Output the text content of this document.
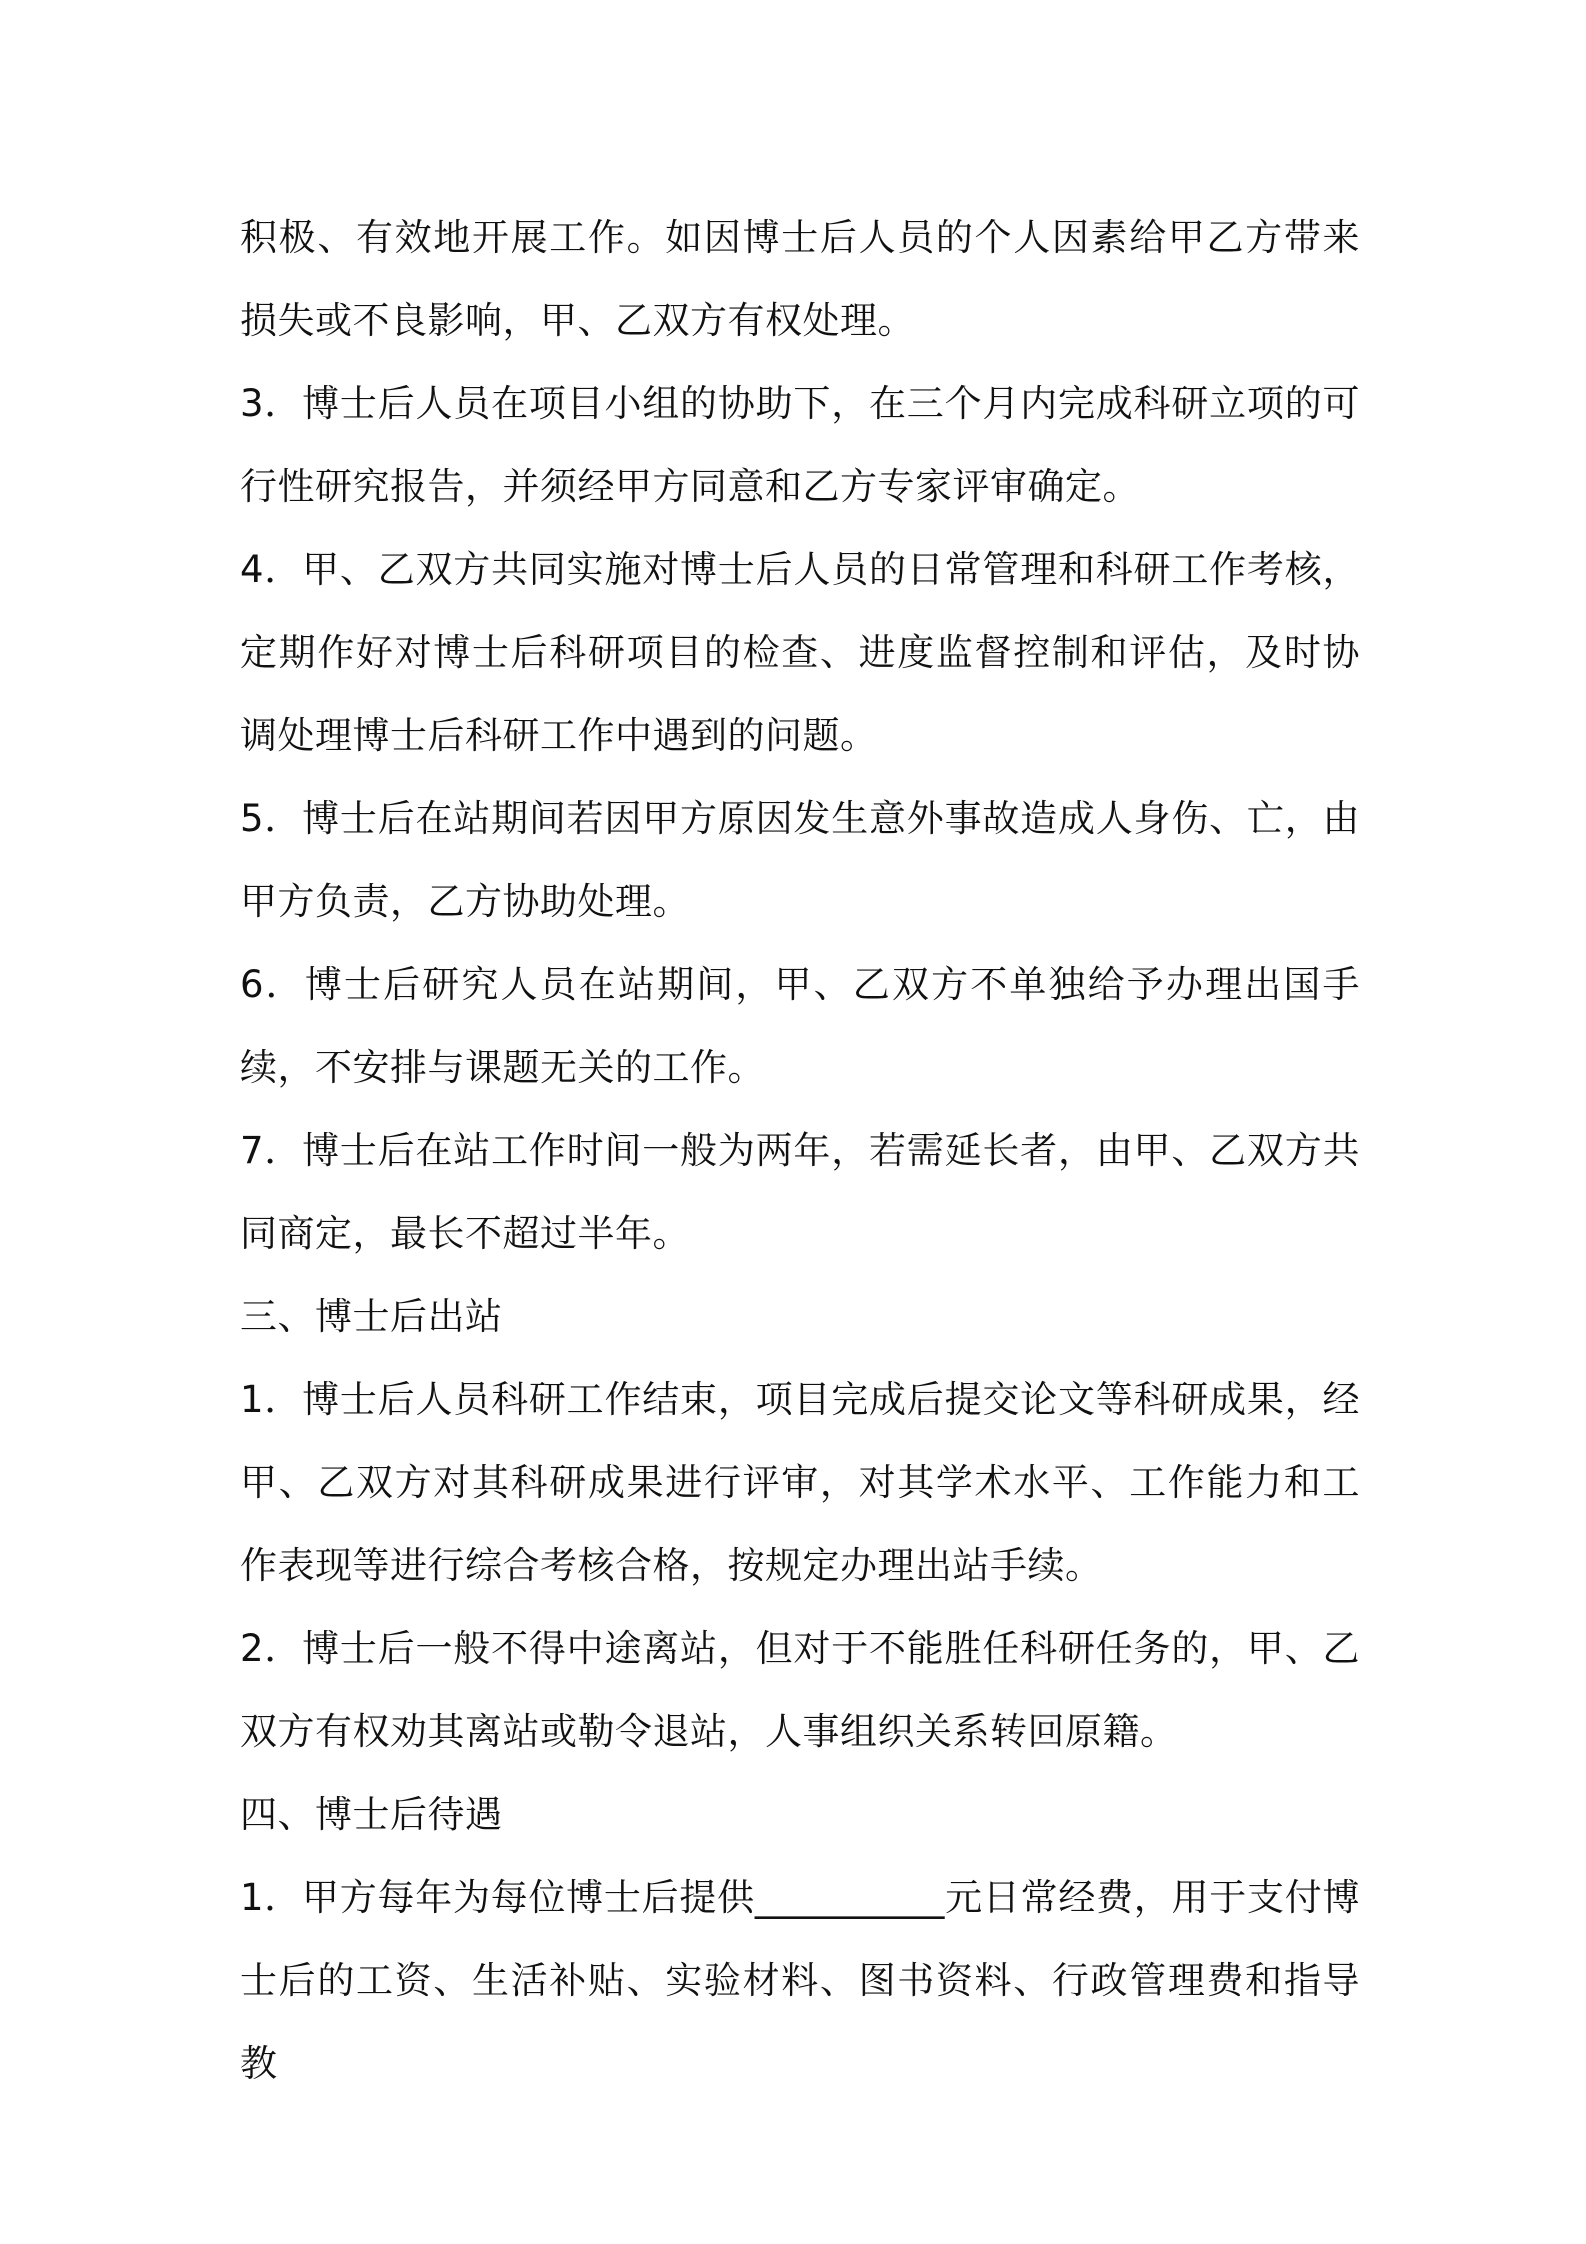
积极、有效地开展工作。如因博士后人员的个人因素给甲乙方带来损失或不良影响，甲、乙双方有权处理。

3．博士后人员在项目小组的协助下，在三个月内完成科研立项的可行性研究报告，并须经甲方同意和乙方专家评审确定。

4．甲、乙双方共同实施对博士后人员的日常管理和科研工作考核，定期作好对博士后科研项目的检查、进度监督控制和评估，及时协调处理博士后科研工作中遇到的问题。

5．博士后在站期间若因甲方原因发生意外事故造成人身伤、亡，由甲方负责，乙方协助处理。

6．博士后研究人员在站期间，甲、乙双方不单独给予办理出国手续，不安排与课题无关的工作。

7．博士后在站工作时间一般为两年，若需延长者，由甲、乙双方共同商定，最长不超过半年。

三、博士后出站

1．博士后人员科研工作结束，项目完成后提交论文等科研成果，经甲、乙双方对其科研成果进行评审，对其学术水平、工作能力和工作表现等进行综合考核合格，按规定办理出站手续。

2．博士后一般不得中途离站，但对于不能胜任科研任务的，甲、乙双方有权劝其离站或勒令退站，人事组织关系转回原籍。

四、博士后待遇

1．甲方每年为每位博士后提供__________元日常经费，用于支付博士后的工资、生活补贴、实验材料、图书资料、行政管理费和指导教
